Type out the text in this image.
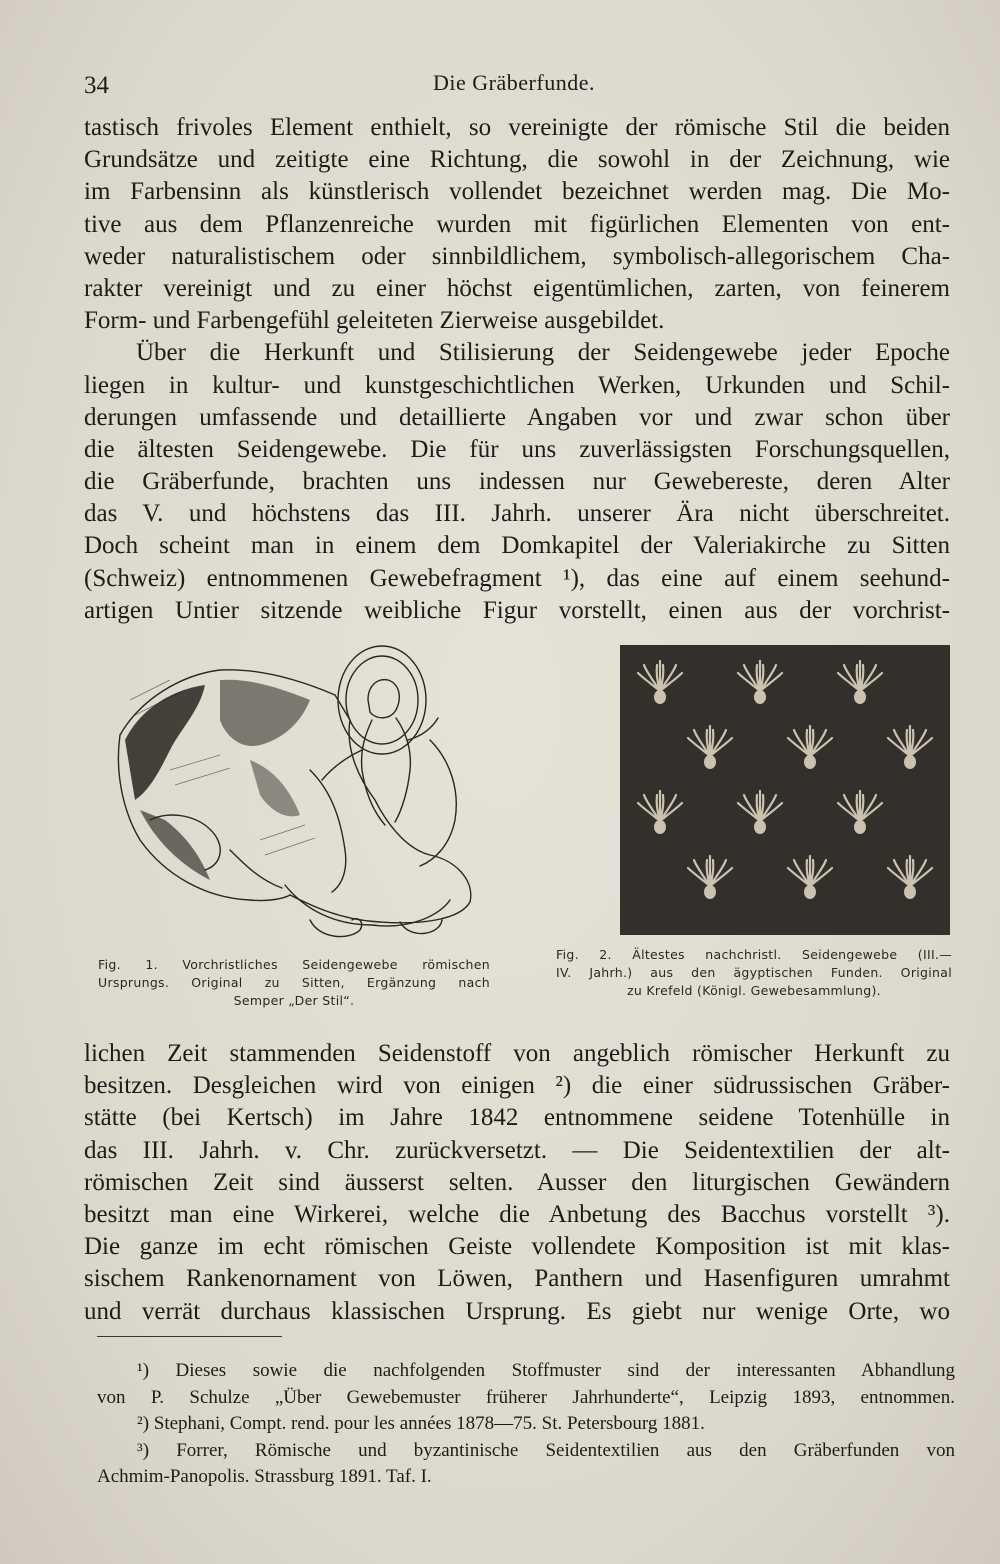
34	Die Gräberfunde.
tastisch frivoles Element enthielt, so vereinigte der römische Stil die beiden
Grundsätze und zeitigte eine Richtung, die sowohl in der Zeichnung, wie
im Farbensinn als künstlerisch vollendet bezeichnet werden mag. Die Mo-
tive aus dem Pflanzenreiche wurden mit figürlichen Elementen von ent-
weder naturalistischem oder sinnbildlichem, symbolisch-allegorischem Cha-
rakter vereinigt und zu einer höchst eigentümlichen, zarten, von feinerem
Form- und Farbengefühl geleiteten Zierweise ausgebildet.
Über die Herkunft und Stilisierung der Seidengewebe jeder Epoche
liegen in kultur- und kunstgeschichtlichen Werken, Urkunden und Schil-
derungen umfassende und detaillierte Angaben vor und zwar schon über
die ältesten Seidengewebe. Die für uns zuverlässigsten Forschungsquellen,
die Gräberfunde, brachten uns indessen nur Gewebereste, deren Alter
das V. und höchstens das III. Jahrh. unserer Ära nicht überschreitet.
Doch scheint man in einem dem Domkapitel der Valeriakirche zu Sitten
(Schweiz) entnommenen Gewebefragment ¹), das eine auf einem seehund-
artigen Untier sitzende weibliche Figur vorstellt, einen aus der vorchrist-
Fig. 1. Vorchristliches Seidengewebe römischen
Ursprungs. Original zu Sitten, Ergänzung nach
Semper „Der Stil“.
Fig. 2. Ältestes nachchristl. Seidengewebe (III.—
IV. Jahrh.) aus den ägyptischen Funden. Original
zu Krefeld (Königl. Gewebesammlung).
lichen Zeit stammenden Seidenstoff von angeblich römischer Herkunft zu
besitzen. Desgleichen wird von einigen ²) die einer südrussischen Gräber-
stätte (bei Kertsch) im Jahre 1842 entnommene seidene Totenhülle in
das III. Jahrh. v. Chr. zurückversetzt. — Die Seidentextilien der alt-
römischen Zeit sind äusserst selten. Ausser den liturgischen Gewändern
besitzt man eine Wirkerei, welche die Anbetung des Bacchus vorstellt ³).
Die ganze im echt römischen Geiste vollendete Komposition ist mit klas-
sischem Rankenornament von Löwen, Panthern und Hasenfiguren umrahmt
und verrät durchaus klassischen Ursprung. Es giebt nur wenige Orte, wo
¹) Dieses sowie die nachfolgenden Stoffmuster sind der interessanten Abhandlung
von P. Schulze „Über Gewebemuster früherer Jahrhunderte“, Leipzig 1893, entnommen.
²) Stephani, Compt. rend. pour les années 1878—75. St. Petersbourg 1881.
³) Forrer, Römische und byzantinische Seidentextilien aus den Gräberfunden von
Achmim-Panopolis. Strassburg 1891. Taf. I.
